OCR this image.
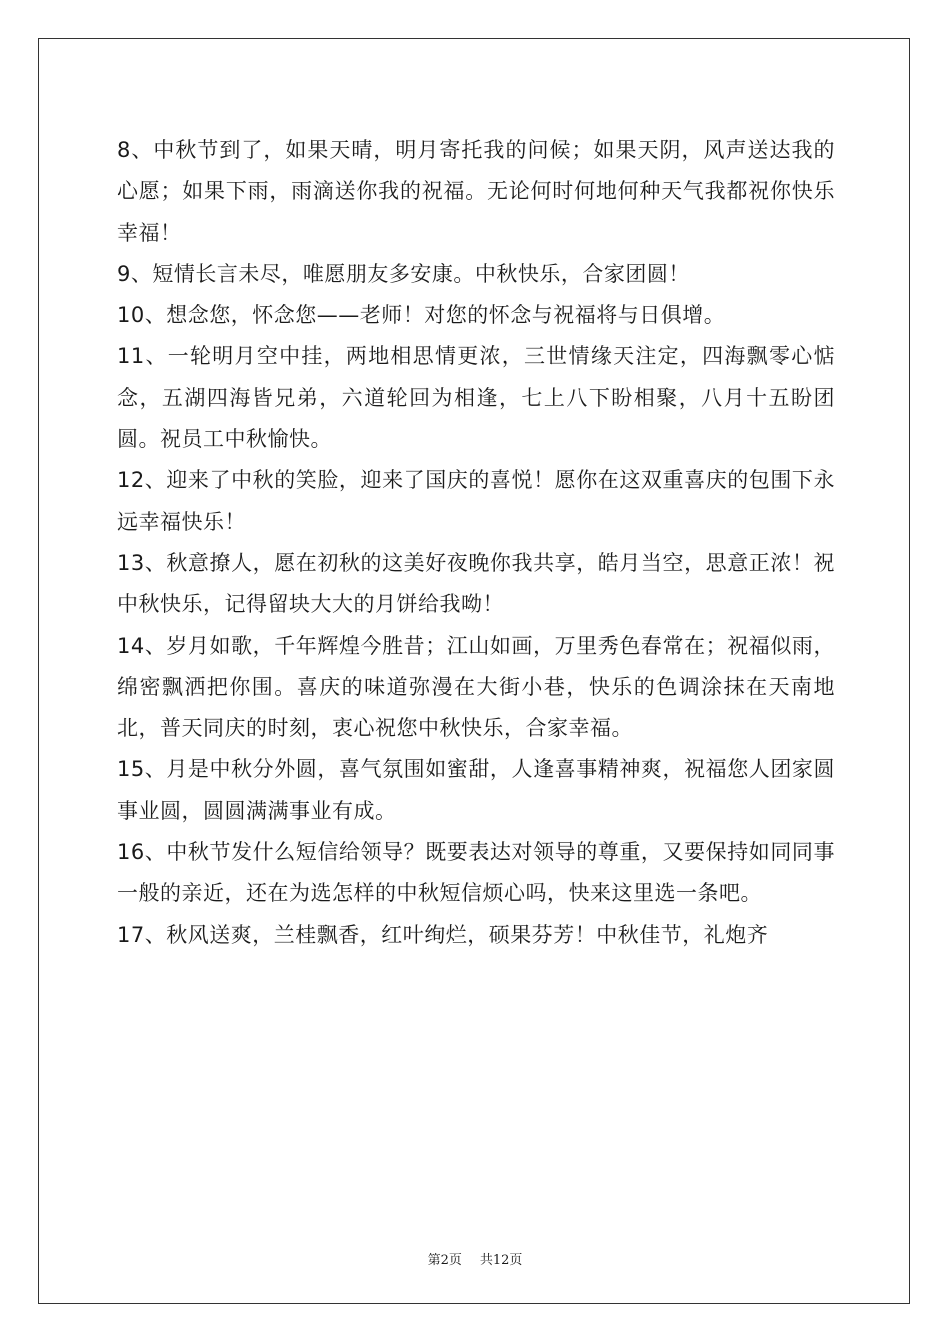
8、中秋节到了，如果天晴，明月寄托我的问候；如果天阴，风声送达我的心愿；如果下雨，雨滴送你我的祝福。无论何时何地何种天气我都祝你快乐幸福！

9、短情长言未尽，唯愿朋友多安康。中秋快乐，合家团圆！

10、想念您，怀念您——老师！对您的怀念与祝福将与日俱增。

11、一轮明月空中挂，两地相思情更浓，三世情缘天注定，四海飘零心惦念，五湖四海皆兄弟，六道轮回为相逢，七上八下盼相聚，八月十五盼团圆。祝员工中秋愉快。

12、迎来了中秋的笑脸，迎来了国庆的喜悦！愿你在这双重喜庆的包围下永远幸福快乐！

13、秋意撩人，愿在初秋的这美好夜晚你我共享，皓月当空，思意正浓！祝中秋快乐，记得留块大大的月饼给我呦！

14、岁月如歌，千年辉煌今胜昔；江山如画，万里秀色春常在；祝福似雨，绵密飘洒把你围。喜庆的味道弥漫在大街小巷，快乐的色调涂抹在天南地北，普天同庆的时刻，衷心祝您中秋快乐，合家幸福。

15、月是中秋分外圆，喜气氛围如蜜甜，人逢喜事精神爽，祝福您人团家圆事业圆，圆圆满满事业有成。

16、中秋节发什么短信给领导？既要表达对领导的尊重，又要保持如同同事一般的亲近，还在为选怎样的中秋短信烦心吗，快来这里选一条吧。

17、秋风送爽，兰桂飘香，红叶绚烂，硕果芬芳！中秋佳节，礼炮齐

第2页 共12页
